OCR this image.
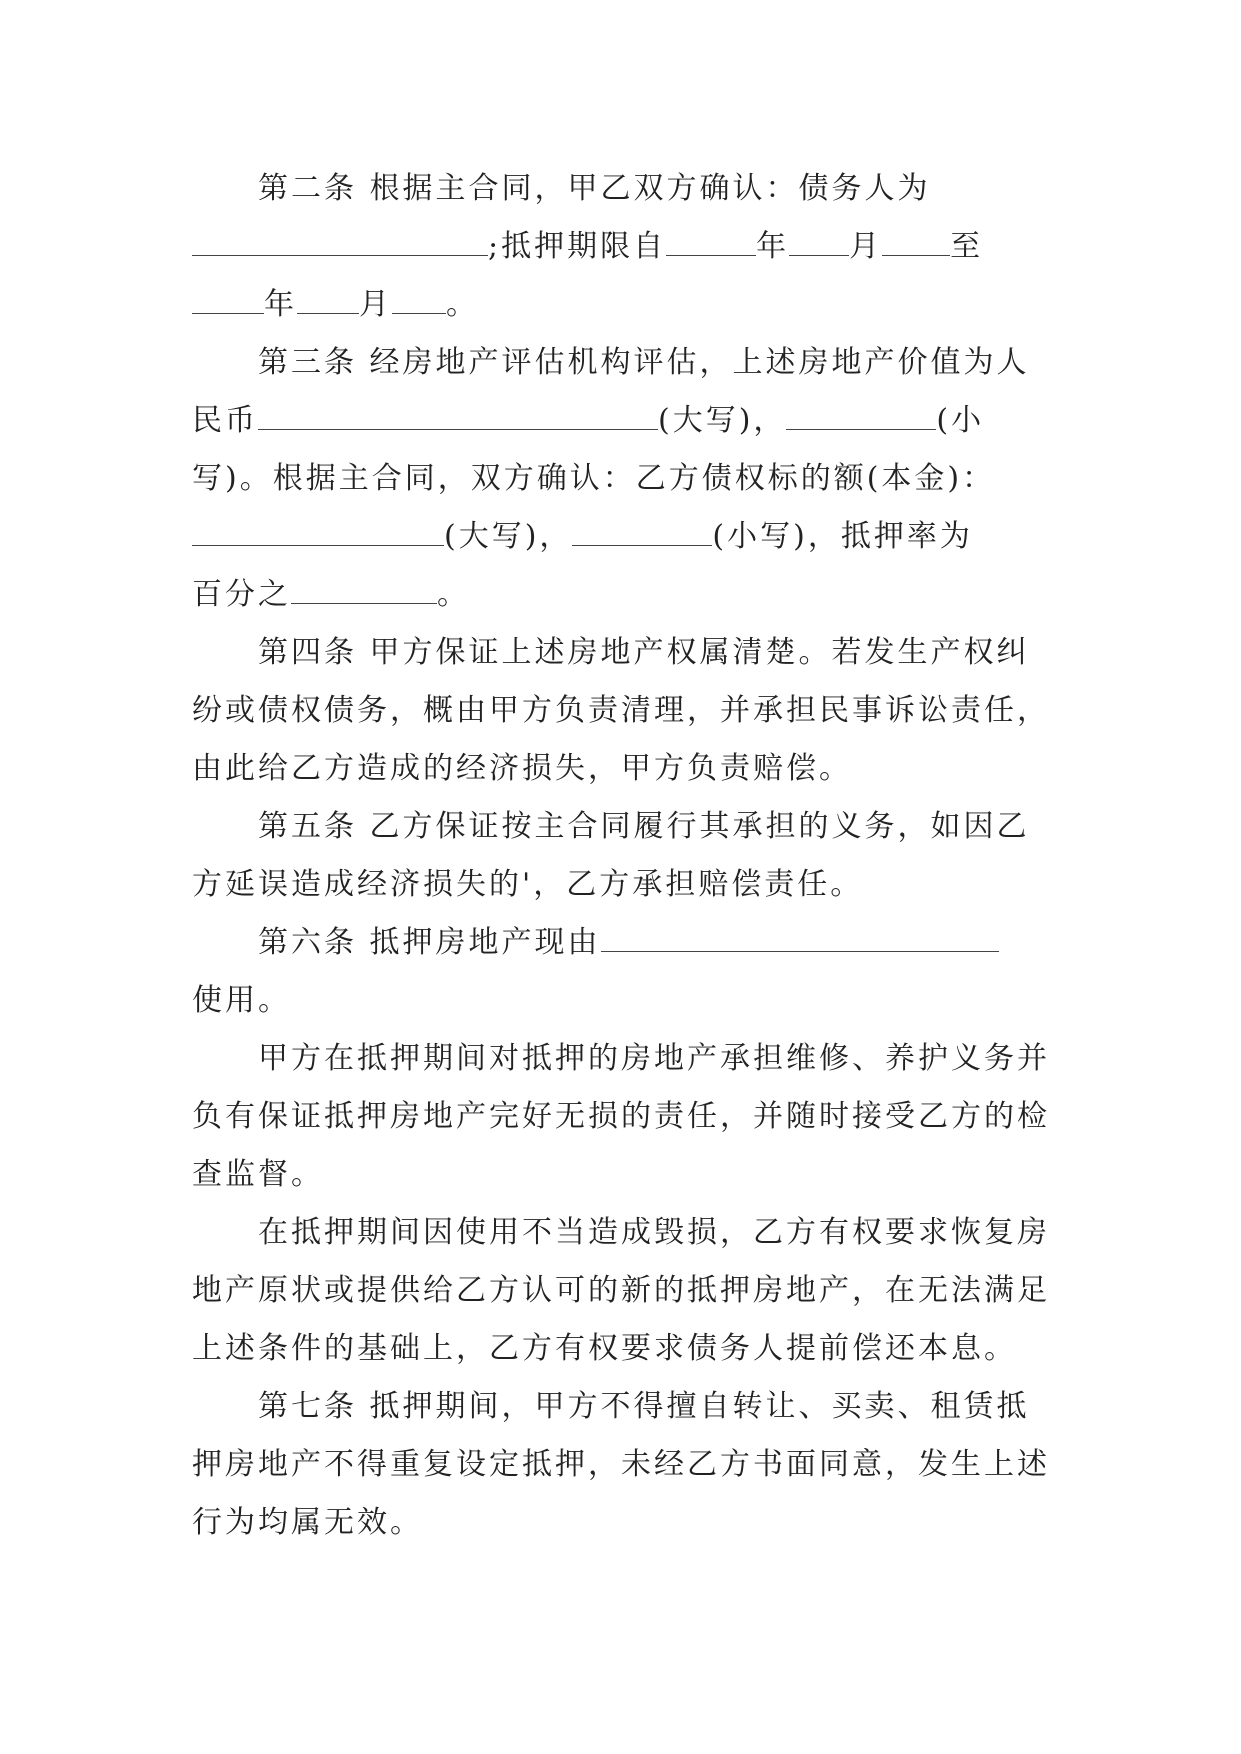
第二条 根据主合同，甲乙双方确认：债务人为
;抵押期限自	年 月 至
年 月 。

第三条 经房地产评估机构评估，上述房地产价值为人
民币	(大写)，	(小
写)。根据主合同，双方确认：乙方债权标的额(本金)：
(大写)，	(小写)，抵押率为
百分之	。

第四条 甲方保证上述房地产权属清楚。若发生产权纠
纷或债权债务，概由甲方负责清理，并承担民事诉讼责任，
由此给乙方造成的经济损失，甲方负责赔偿。

第五条 乙方保证按主合同履行其承担的义务，如因乙
方延误造成经济损失的'，乙方承担赔偿责任。

第六条 抵押房地产现由
使用。

甲方在抵押期间对抵押的房地产承担维修、养护义务并
负有保证抵押房地产完好无损的责任，并随时接受乙方的检
查监督。

在抵押期间因使用不当造成毁损，乙方有权要求恢复房
地产原状或提供给乙方认可的新的抵押房地产，在无法满足
上述条件的基础上，乙方有权要求债务人提前偿还本息。

第七条 抵押期间，甲方不得擅自转让、买卖、租赁抵
押房地产不得重复设定抵押，未经乙方书面同意，发生上述
行为均属无效。
